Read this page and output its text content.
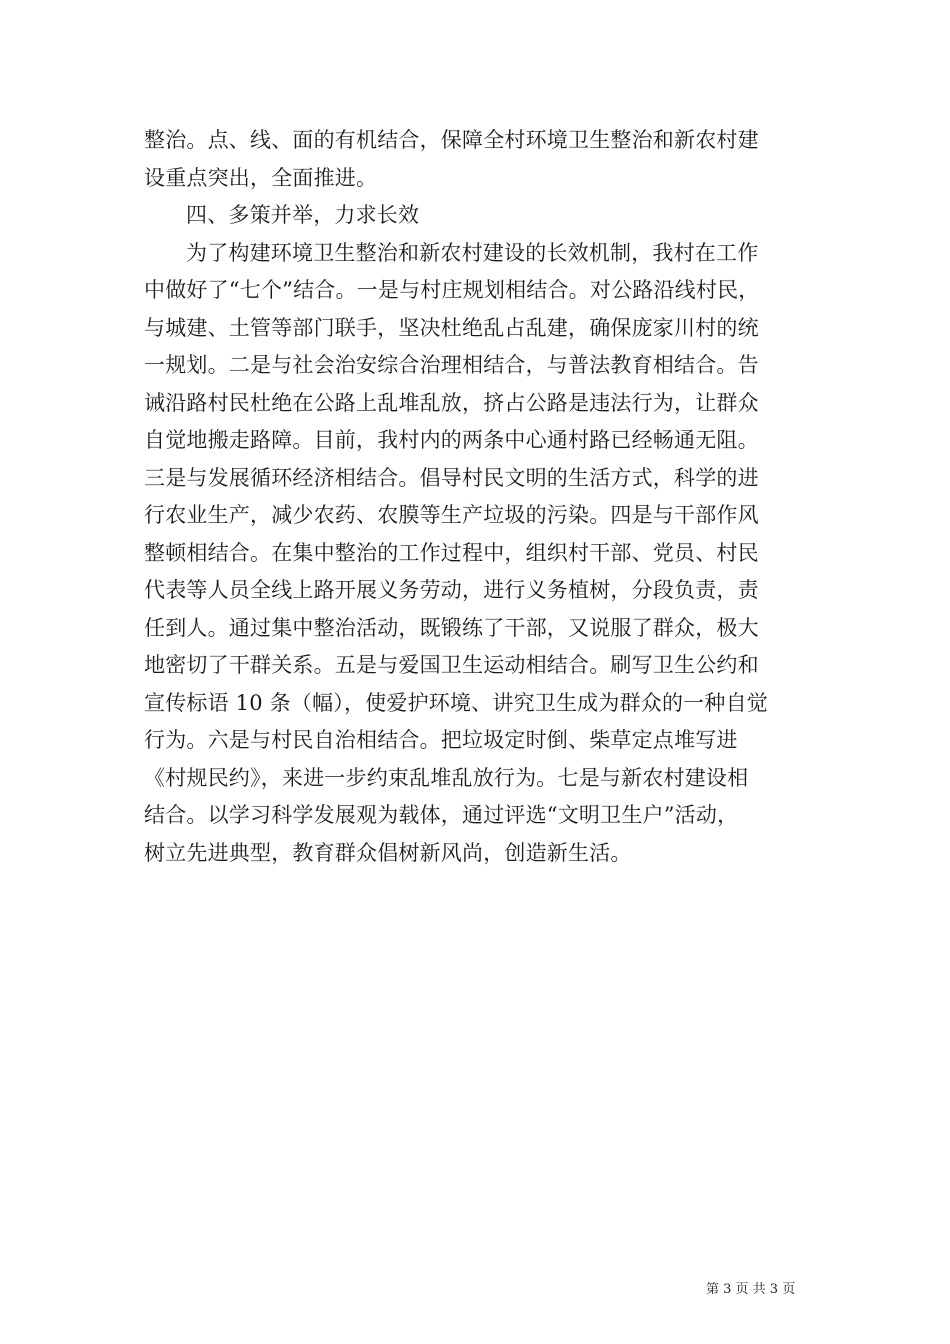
整治。点、线、面的有机结合，保障全村环境卫生整治和新农村建
设重点突出，全面推进。
四、多策并举，力求长效
为了构建环境卫生整治和新农村建设的长效机制，我村在工作
中做好了“七个”结合。一是与村庄规划相结合。对公路沿线村民，
与城建、土管等部门联手，坚决杜绝乱占乱建，确保庞家川村的统
一规划。二是与社会治安综合治理相结合，与普法教育相结合。告
诫沿路村民杜绝在公路上乱堆乱放，挤占公路是违法行为，让群众
自觉地搬走路障。目前，我村内的两条中心通村路已经畅通无阻。
三是与发展循环经济相结合。倡导村民文明的生活方式，科学的进
行农业生产，减少农药、农膜等生产垃圾的污染。四是与干部作风
整顿相结合。在集中整治的工作过程中，组织村干部、党员、村民
代表等人员全线上路开展义务劳动，进行义务植树，分段负责，责
任到人。通过集中整治活动，既锻练了干部，又说服了群众，极大
地密切了干群关系。五是与爱国卫生运动相结合。刷写卫生公约和
宣传标语 10 条（幅），使爱护环境、讲究卫生成为群众的一种自觉
行为。六是与村民自治相结合。把垃圾定时倒、柴草定点堆写进
《村规民约》，来进一步约束乱堆乱放行为。七是与新农村建设相
结合。以学习科学发展观为载体，通过评选“文明卫生户”活动，
树立先进典型，教育群众倡树新风尚，创造新生活。
第 3 页 共 3 页
